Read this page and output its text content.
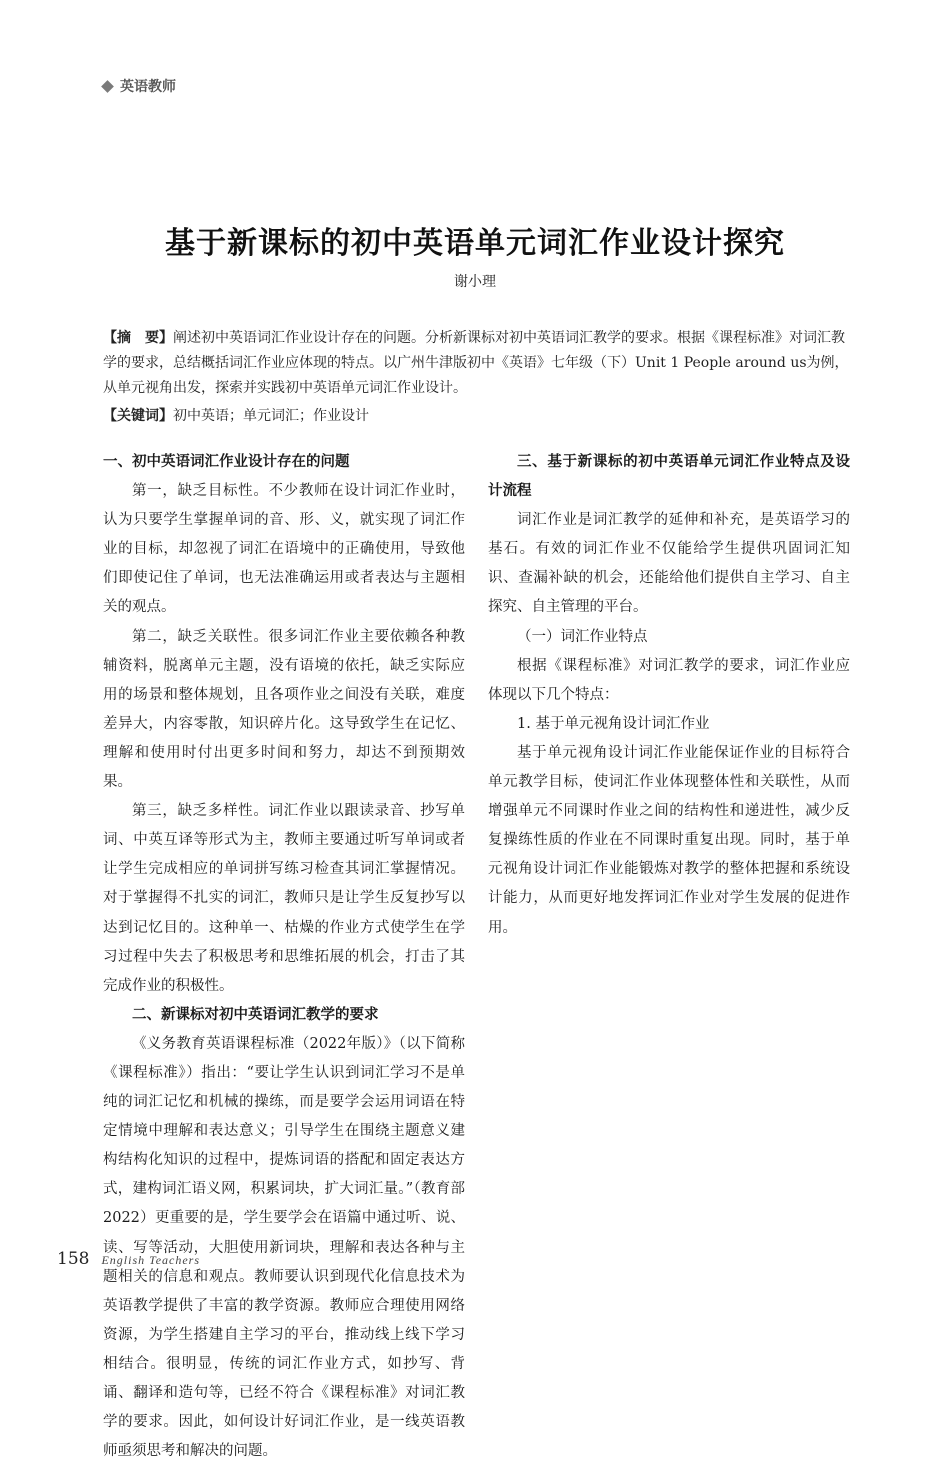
英语教师
基于新课标的初中英语单元词汇作业设计探究
谢小理
【摘　要】阐述初中英语词汇作业设计存在的问题。分析新课标对初中英语词汇教学的要求。根据《课程标准》对词汇教学的要求，总结概括词汇作业应体现的特点。以广州牛津版初中《英语》七年级（下）Unit 1 People around us为例，从单元视角出发，探索并实践初中英语单元词汇作业设计。
【关键词】初中英语；单元词汇；作业设计
一、初中英语词汇作业设计存在的问题

第一，缺乏目标性。不少教师在设计词汇作业时，认为只要学生掌握单词的音、形、义，就实现了词汇作业的目标，却忽视了词汇在语境中的正确使用，导致他们即使记住了单词，也无法准确运用或者表达与主题相关的观点。

第二，缺乏关联性。很多词汇作业主要依赖各种教辅资料，脱离单元主题，没有语境的依托，缺乏实际应用的场景和整体规划，且各项作业之间没有关联，难度差异大，内容零散，知识碎片化。这导致学生在记忆、理解和使用时付出更多时间和努力，却达不到预期效果。

第三，缺乏多样性。词汇作业以跟读录音、抄写单词、中英互译等形式为主，教师主要通过听写单词或者让学生完成相应的单词拼写练习检查其词汇掌握情况。对于掌握得不扎实的词汇，教师只是让学生反复抄写以达到记忆目的。这种单一、枯燥的作业方式使学生在学习过程中失去了积极思考和思维拓展的机会，打击了其完成作业的积极性。

二、新课标对初中英语词汇教学的要求

《义务教育英语课程标准（2022年版）》（以下简称《课程标准》）指出：“要让学生认识到词汇学习不是单纯的词汇记忆和机械的操练，而是要学会运用词语在特定情境中理解和表达意义；引导学生在围绕主题意义建构结构化知识的过程中，提炼词语的搭配和固定表达方式，建构词汇语义网，积累词块，扩大词汇量。”（教育部 2022）更重要的是，学生要学会在语篇中通过听、说、读、写等活动，大胆使用新词块，理解和表达各种与主题相关的信息和观点。教师要认识到现代化信息技术为英语教学提供了丰富的教学资源。教师应合理使用网络资源，为学生搭建自主学习的平台，推动线上线下学习相结合。很明显，传统的词汇作业方式，如抄写、背诵、翻译和造句等，已经不符合《课程标准》对词汇教学的要求。因此，如何设计好词汇作业，是一线英语教师亟须思考和解决的问题。

三、基于新课标的初中英语单元词汇作业特点及设计流程

词汇作业是词汇教学的延伸和补充，是英语学习的基石。有效的词汇作业不仅能给学生提供巩固词汇知识、查漏补缺的机会，还能给他们提供自主学习、自主探究、自主管理的平台。

（一）词汇作业特点

根据《课程标准》对词汇教学的要求，词汇作业应体现以下几个特点：

1. 基于单元视角设计词汇作业

基于单元视角设计词汇作业能保证作业的目标符合单元教学目标，使词汇作业体现整体性和关联性，从而增强单元不同课时作业之间的结构性和递进性，减少反复操练性质的作业在不同课时重复出现。同时，基于单元视角设计词汇作业能锻炼对教学的整体把握和系统设计能力，从而更好地发挥词汇作业对学生发展的促进作用。

158 English Teachers
